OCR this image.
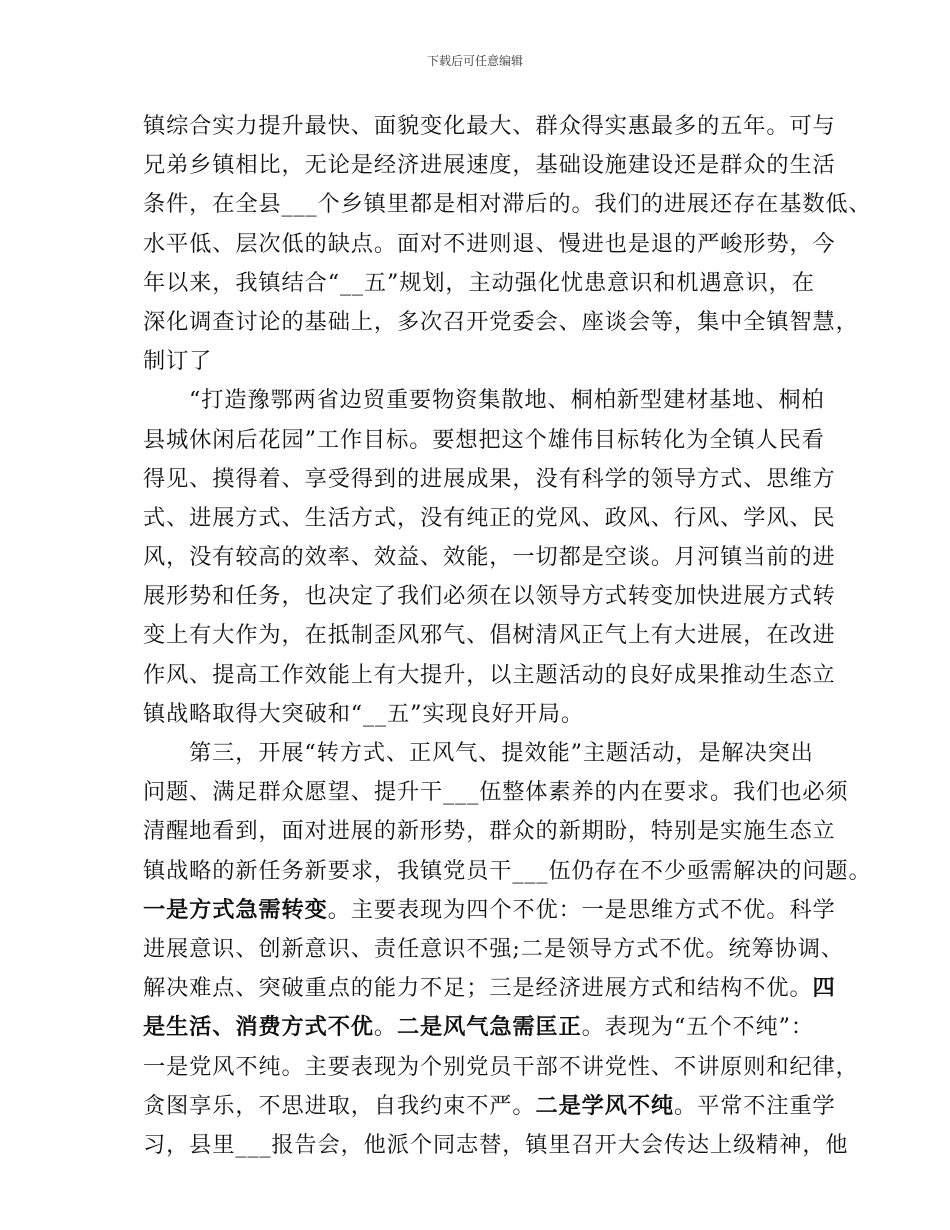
下载后可任意编辑
镇综合实力提升最快、面貌变化最大、群众得实惠最多的五年。可与
兄弟乡镇相比，无论是经济进展速度，基础设施建设还是群众的生活
条件，在全县___个乡镇里都是相对滞后的。我们的进展还存在基数低、
水平低、层次低的缺点。面对不进则退、慢进也是退的严峻形势，今
年以来，我镇结合“__五”规划，主动强化忧患意识和机遇意识，在
深化调查讨论的基础上，多次召开党委会、座谈会等，集中全镇智慧，
制订了
“打造豫鄂两省边贸重要物资集散地、桐柏新型建材基地、桐柏
县城休闲后花园”工作目标。要想把这个雄伟目标转化为全镇人民看
得见、摸得着、享受得到的进展成果，没有科学的领导方式、思维方
式、进展方式、生活方式，没有纯正的党风、政风、行风、学风、民
风，没有较高的效率、效益、效能，一切都是空谈。月河镇当前的进
展形势和任务，也决定了我们必须在以领导方式转变加快进展方式转
变上有大作为，在抵制歪风邪气、倡树清风正气上有大进展，在改进
作风、提高工作效能上有大提升，以主题活动的良好成果推动生态立
镇战略取得大突破和“__五”实现良好开局。
第三，开展“转方式、正风气、提效能”主题活动，是解决突出
问题、满足群众愿望、提升干___伍整体素养的内在要求。我们也必须
清醒地看到，面对进展的新形势，群众的新期盼，特别是实施生态立
镇战略的新任务新要求，我镇党员干___伍仍存在不少亟需解决的问题。
一是方式急需转变。主要表现为四个不优：一是思维方式不优。科学
进展意识、创新意识、责任意识不强;二是领导方式不优。统筹协调、
解决难点、突破重点的能力不足；三是经济进展方式和结构不优。四
是生活、消费方式不优。二是风气急需匡正。表现为“五个不纯”：
一是党风不纯。主要表现为个别党员干部不讲党性、不讲原则和纪律，
贪图享乐，不思进取，自我约束不严。二是学风不纯。平常不注重学
习，县里___报告会，他派个同志替，镇里召开大会传达上级精神，他
